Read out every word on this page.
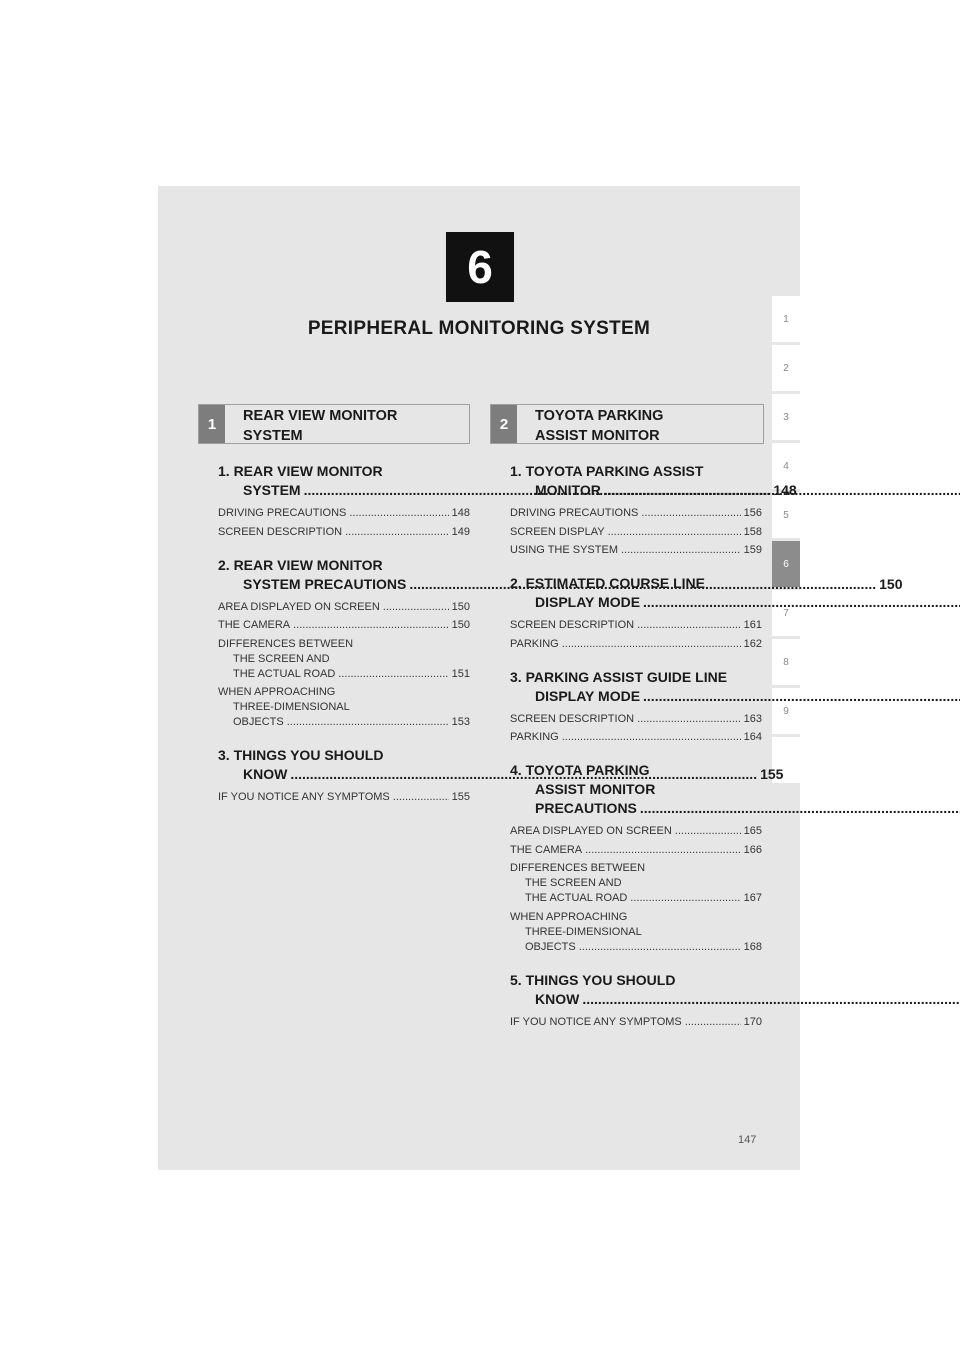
6
PERIPHERAL MONITORING SYSTEM	1
2
3
4
5
6
7
8
9
1	REAR VIEW MONITOR
SYSTEM
2	TOYOTA PARKING
ASSIST MONITOR
1. REAR VIEW MONITOR
SYSTEM .....	148
DRIVING PRECAUTIONS .....	148
SCREEN DESCRIPTION .....	149
2. REAR VIEW MONITOR
SYSTEM PRECAUTIONS .....	150
AREA DISPLAYED ON SCREEN .....	150
THE CAMERA .....	150
DIFFERENCES BETWEEN
THE SCREEN AND
THE ACTUAL ROAD .....	151
WHEN APPROACHING
THREE-DIMENSIONAL
OBJECTS .....	153
3. THINGS YOU SHOULD
KNOW .....	155
IF YOU NOTICE ANY SYMPTOMS .....	155
1. TOYOTA PARKING ASSIST
MONITOR .....
DRIVING PRECAUTIONS .....	156
SCREEN DISPLAY .....	158
USING THE SYSTEM .....	159
2. ESTIMATED COURSE LINE
DISPLAY MODE .....
SCREEN DESCRIPTION .....	161
PARKING .....	162
3. PARKING ASSIST GUIDE LINE
DISPLAY MODE .....
SCREEN DESCRIPTION .....	163
PARKING .....	164
4. TOYOTA PARKING
ASSIST MONITOR
PRECAUTIONS .....
AREA DISPLAYED ON SCREEN .....	165
THE CAMERA .....	166
DIFFERENCES BETWEEN
THE SCREEN AND
THE ACTUAL ROAD .....	167
WHEN APPROACHING
THREE-DIMENSIONAL
OBJECTS .....	168
5. THINGS YOU SHOULD
KNOW .....
IF YOU NOTICE ANY SYMPTOMS .....	170
147
